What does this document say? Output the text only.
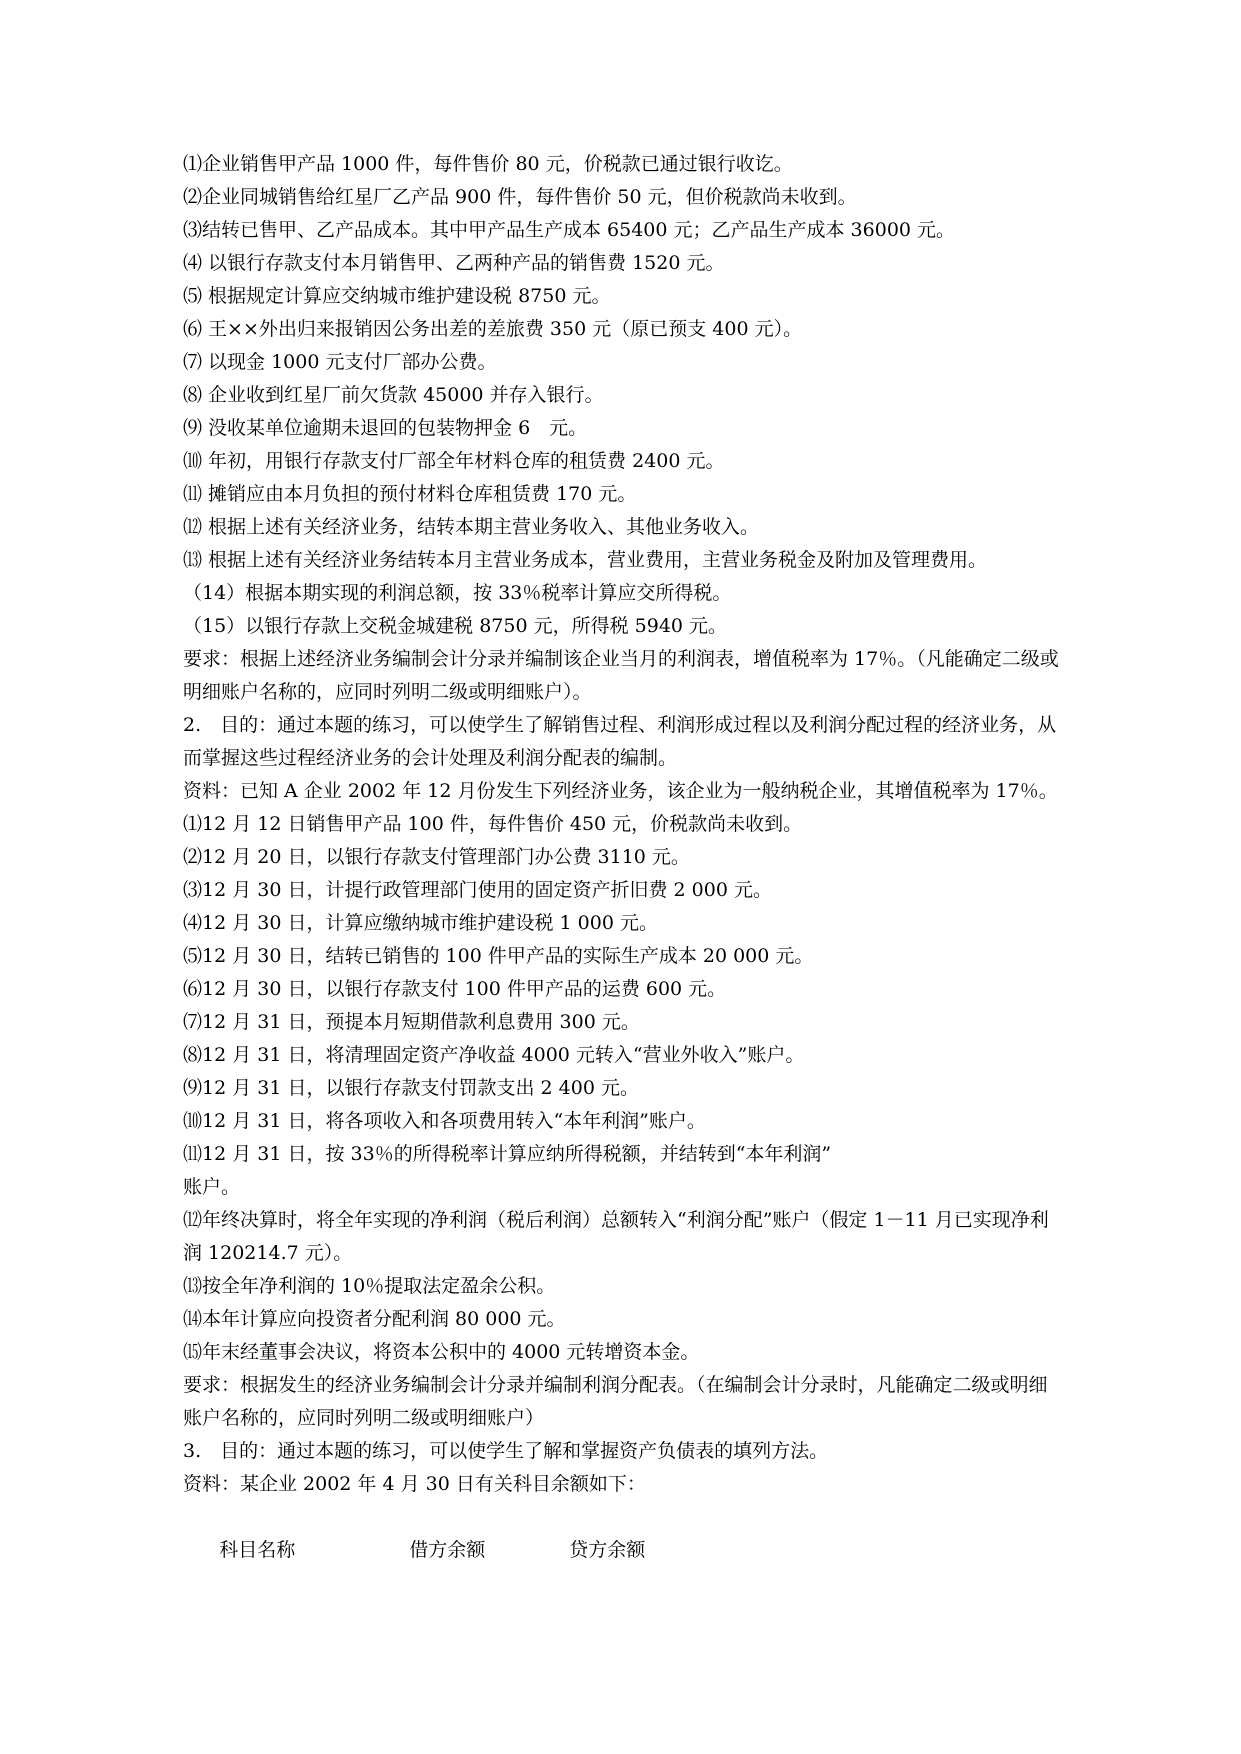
⑴企业销售甲产品 1000 件，每件售价 80 元，价税款已通过银行收讫。
⑵企业同城销售给红星厂乙产品 900 件，每件售价 50 元，但价税款尚未收到。
⑶结转已售甲、乙产品成本。其中甲产品生产成本 65400 元；乙产品生产成本 36000 元。
⑷ 以银行存款支付本月销售甲、乙两种产品的销售费 1520 元。
⑸ 根据规定计算应交纳城市维护建设税 8750 元。
⑹ 王××外出归来报销因公务出差的差旅费 350 元（原已预支 400 元）。
⑺ 以现金 1000 元支付厂部办公费。
⑻ 企业收到红星厂前欠货款 45000 并存入银行。
⑼ 没收某单位逾期未退回的包装物押金 6　元。
⑽ 年初，用银行存款支付厂部全年材料仓库的租赁费 2400 元。
⑾ 摊销应由本月负担的预付材料仓库租赁费 170 元。
⑿ 根据上述有关经济业务，结转本期主营业务收入、其他业务收入。
⒀ 根据上述有关经济业务结转本月主营业务成本，营业费用，主营业务税金及附加及管理费用。
（14）根据本期实现的利润总额，按 33％税率计算应交所得税。
（15）以银行存款上交税金城建税 8750 元，所得税 5940 元。
要求：根据上述经济业务编制会计分录并编制该企业当月的利润表，增值税率为 17％。（凡能确定二级或明细账户名称的，应同时列明二级或明细账户）。
2.　目的：通过本题的练习，可以使学生了解销售过程、利润形成过程以及利润分配过程的经济业务，从而掌握这些过程经济业务的会计处理及利润分配表的编制。
资料：已知 A 企业 2002 年 12 月份发生下列经济业务，该企业为一般纳税企业，其增值税率为 17％。
⑴12 月 12 日销售甲产品 100 件，每件售价 450 元，价税款尚未收到。
⑵12 月 20 日，以银行存款支付管理部门办公费 3110 元。
⑶12 月 30 日，计提行政管理部门使用的固定资产折旧费 2 000 元。
⑷12 月 30 日，计算应缴纳城市维护建设税 1 000 元。
⑸12 月 30 日，结转已销售的 100 件甲产品的实际生产成本 20 000 元。
⑹12 月 30 日，以银行存款支付 100 件甲产品的运费 600 元。
⑺12 月 31 日，预提本月短期借款利息费用 300 元。
⑻12 月 31 日，将清理固定资产净收益 4000 元转入“营业外收入”账户。
⑼12 月 31 日，以银行存款支付罚款支出 2 400 元。
⑽12 月 31 日，将各项收入和各项费用转入“本年利润”账户。
⑾12 月 31 日，按 33％的所得税率计算应纳所得税额，并结转到“本年利润”
账户。
⑿年终决算时，将全年实现的净利润（税后利润）总额转入“利润分配”账户（假定 1－11 月已实现净利润 120214.7 元）。
⒀按全年净利润的 10％提取法定盈余公积。
⒁本年计算应向投资者分配利润 80 000 元。
⒂年末经董事会决议，将资本公积中的 4000 元转增资本金。
要求：根据发生的经济业务编制会计分录并编制利润分配表。（在编制会计分录时，凡能确定二级或明细账户名称的，应同时列明二级或明细账户）
3.　目的：通过本题的练习，可以使学生了解和掌握资产负债表的填列方法。
资料：某企业 2002 年 4 月 30 日有关科目余额如下：

科目名称	借方余额	贷方余额
